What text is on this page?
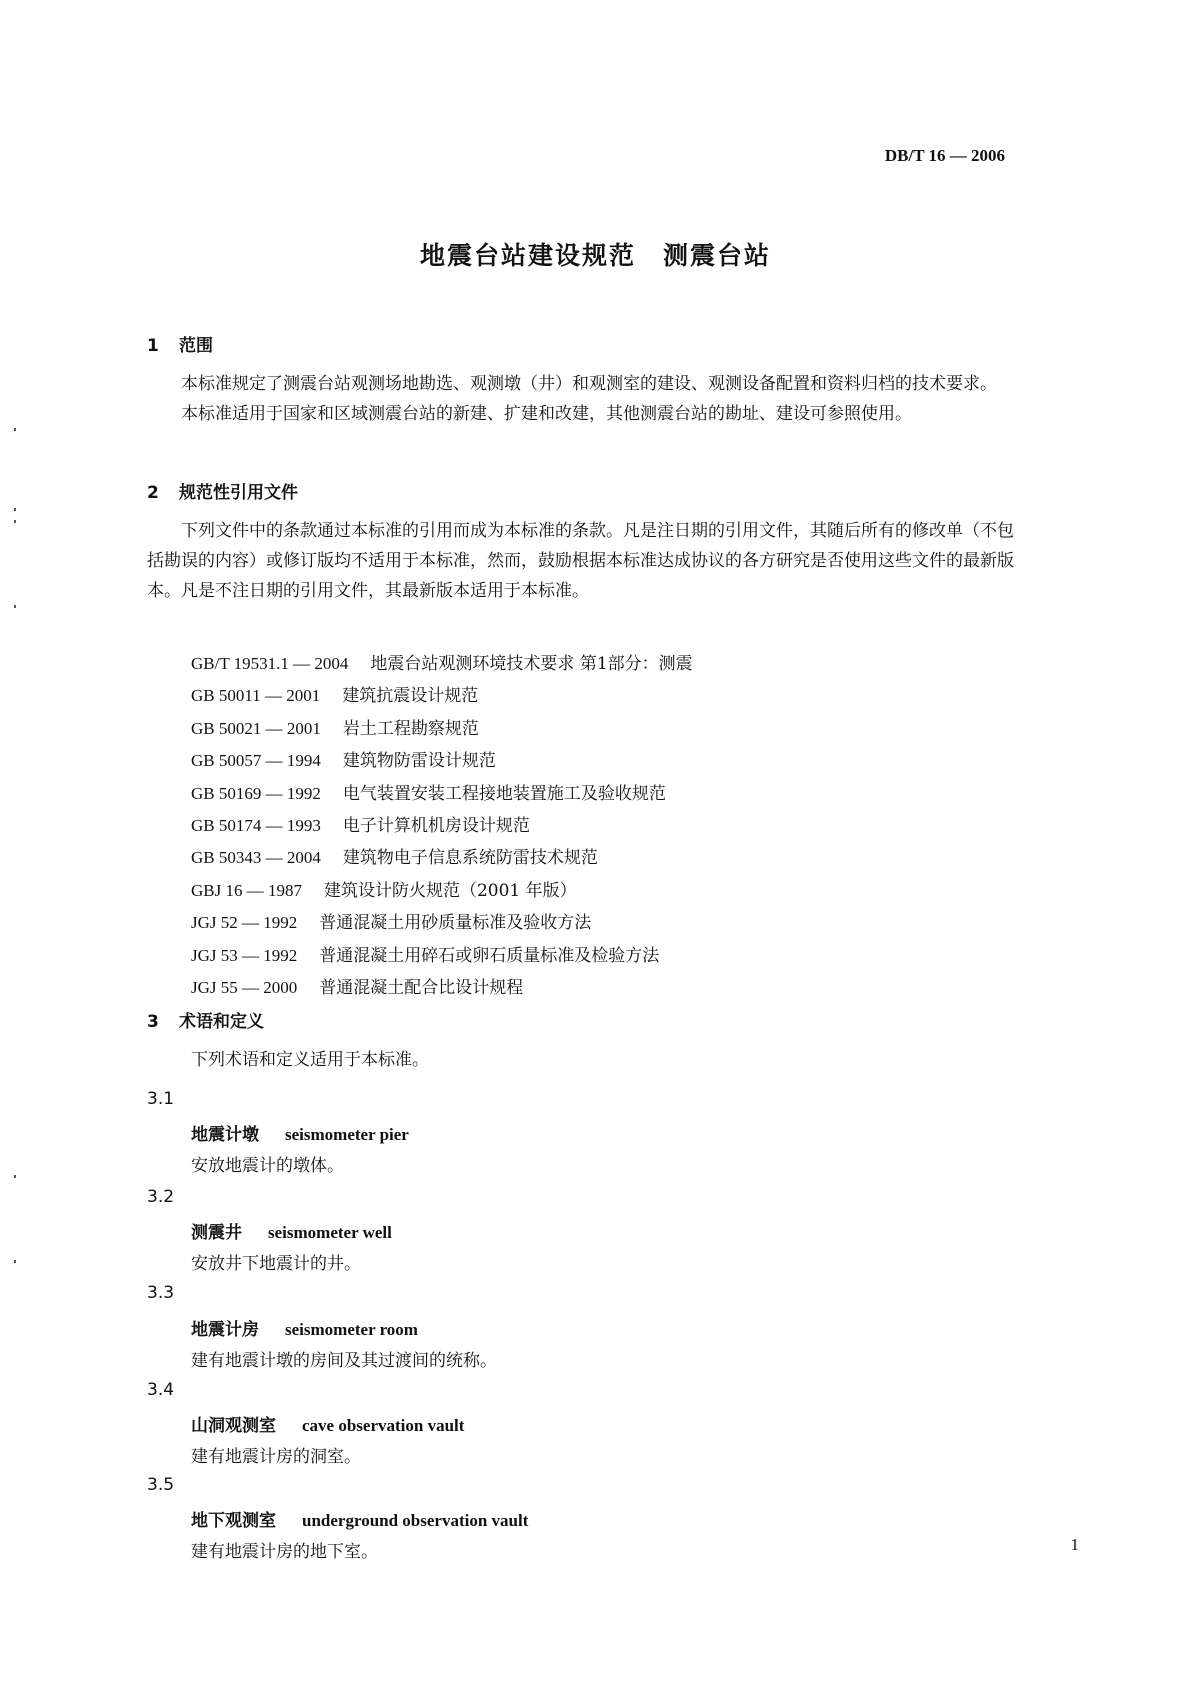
DB/T 16 — 2006
地震台站建设规范　测震台站
1 范围

本标准规定了测震台站观测场地勘选、观测墩（井）和观测室的建设、观测设备配置和资料归档的技术要求。

本标准适用于国家和区域测震台站的新建、扩建和改建，其他测震台站的勘址、建设可参照使用。

2 规范性引用文件

下列文件中的条款通过本标准的引用而成为本标准的条款。凡是注日期的引用文件，其随后所有的修改单（不包括勘误的内容）或修订版均不适用于本标准，然而，鼓励根据本标准达成协议的各方研究是否使用这些文件的最新版本。凡是不注日期的引用文件，其最新版本适用于本标准。

GB/T 19531.1 — 2004 地震台站观测环境技术要求 第1部分：测震
GB 50011 — 2001 建筑抗震设计规范
GB 50021 — 2001 岩土工程勘察规范
GB 50057 — 1994 建筑物防雷设计规范
GB 50169 — 1992 电气装置安装工程接地装置施工及验收规范
GB 50174 — 1993 电子计算机机房设计规范
GB 50343 — 2004 建筑物电子信息系统防雷技术规范
GBJ 16 — 1987 建筑设计防火规范（2001 年版）
JGJ 52 — 1992 普通混凝土用砂质量标准及验收方法
JGJ 53 — 1992 普通混凝土用碎石或卵石质量标准及检验方法
JGJ 55 — 2000 普通混凝土配合比设计规程
3 术语和定义
下列术语和定义适用于本标准。
3.1
地震计墩 seismometer pier
安放地震计的墩体。
3.2
测震井 seismometer well
安放井下地震计的井。
3.3
地震计房 seismometer room
建有地震计墩的房间及其过渡间的统称。
3.4
山洞观测室 cave observation vault
建有地震计房的洞室。
3.5
地下观测室 underground observation vault
建有地震计房的地下室。	1
